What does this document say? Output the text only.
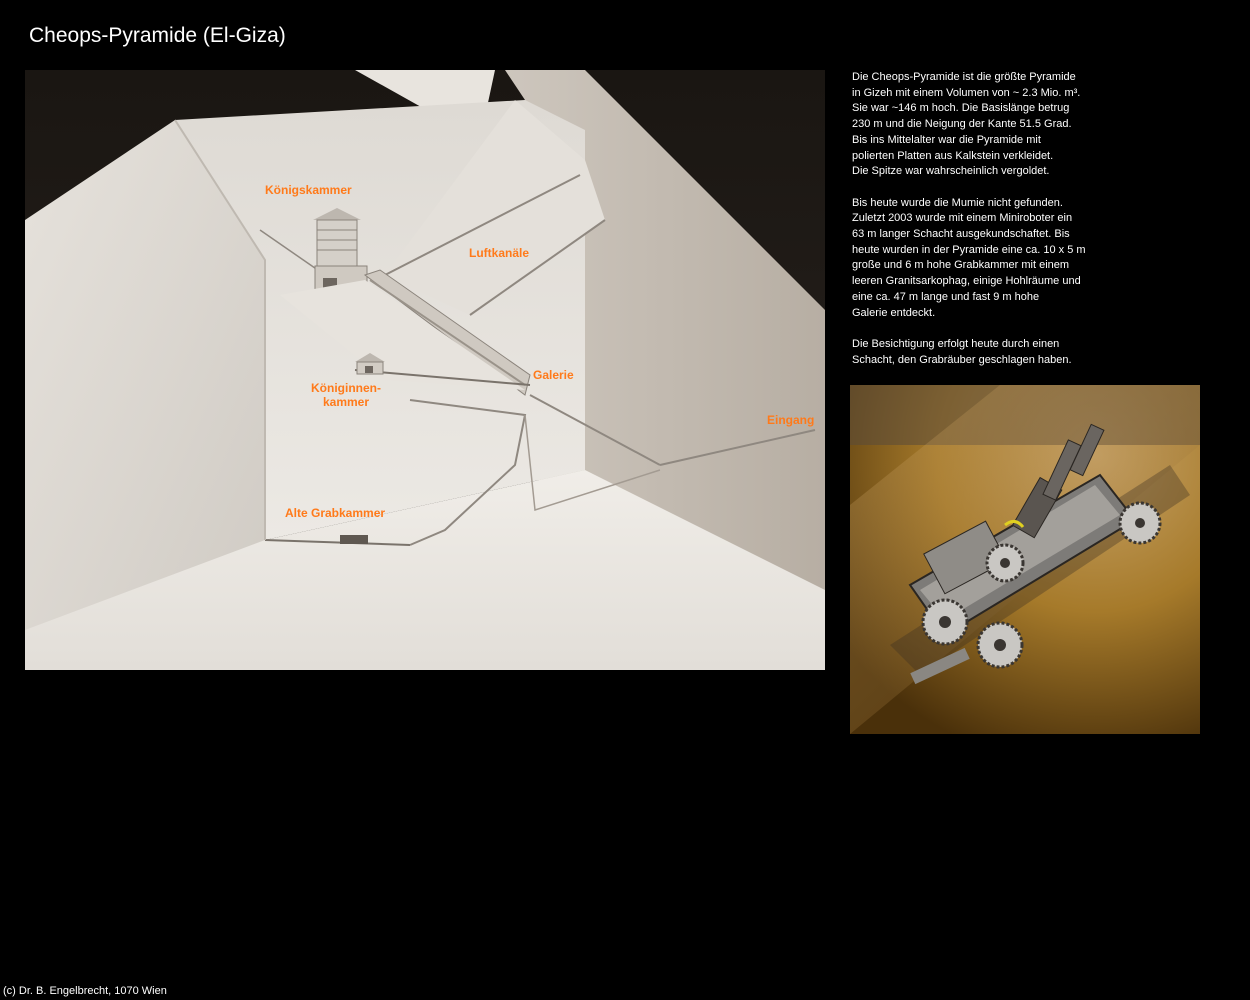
Cheops-Pyramide (El-Giza)
Königskammer
Luftkanäle
Königinnen-
kammer
Galerie
Eingang
Alte Grabkammer

Die Cheops-Pyramide ist die größte Pyramide
in Gizeh mit einem Volumen von ~ 2.3 Mio. m³.
Sie war ~146 m hoch. Die Basislänge betrug
230 m und die Neigung der Kante 51.5 Grad.
Bis ins Mittelalter war die Pyramide mit
polierten Platten aus Kalkstein verkleidet.
Die Spitze war wahrscheinlich vergoldet.

Bis heute wurde die Mumie nicht gefunden.
Zuletzt 2003 wurde mit einem Miniroboter ein
63 m langer Schacht ausgekundschaftet. Bis
heute wurden in der Pyramide eine ca. 10 x 5 m
große und 6 m hohe Grabkammer mit einem
leeren Granitsarkophag, einige Hohlräume und
eine ca. 47 m lange und fast 9 m hohe
Galerie entdeckt.

Die Besichtigung erfolgt heute durch einen
Schacht, den Grabräuber geschlagen haben.

(c) Dr. B. Engelbrecht, 1070 Wien
